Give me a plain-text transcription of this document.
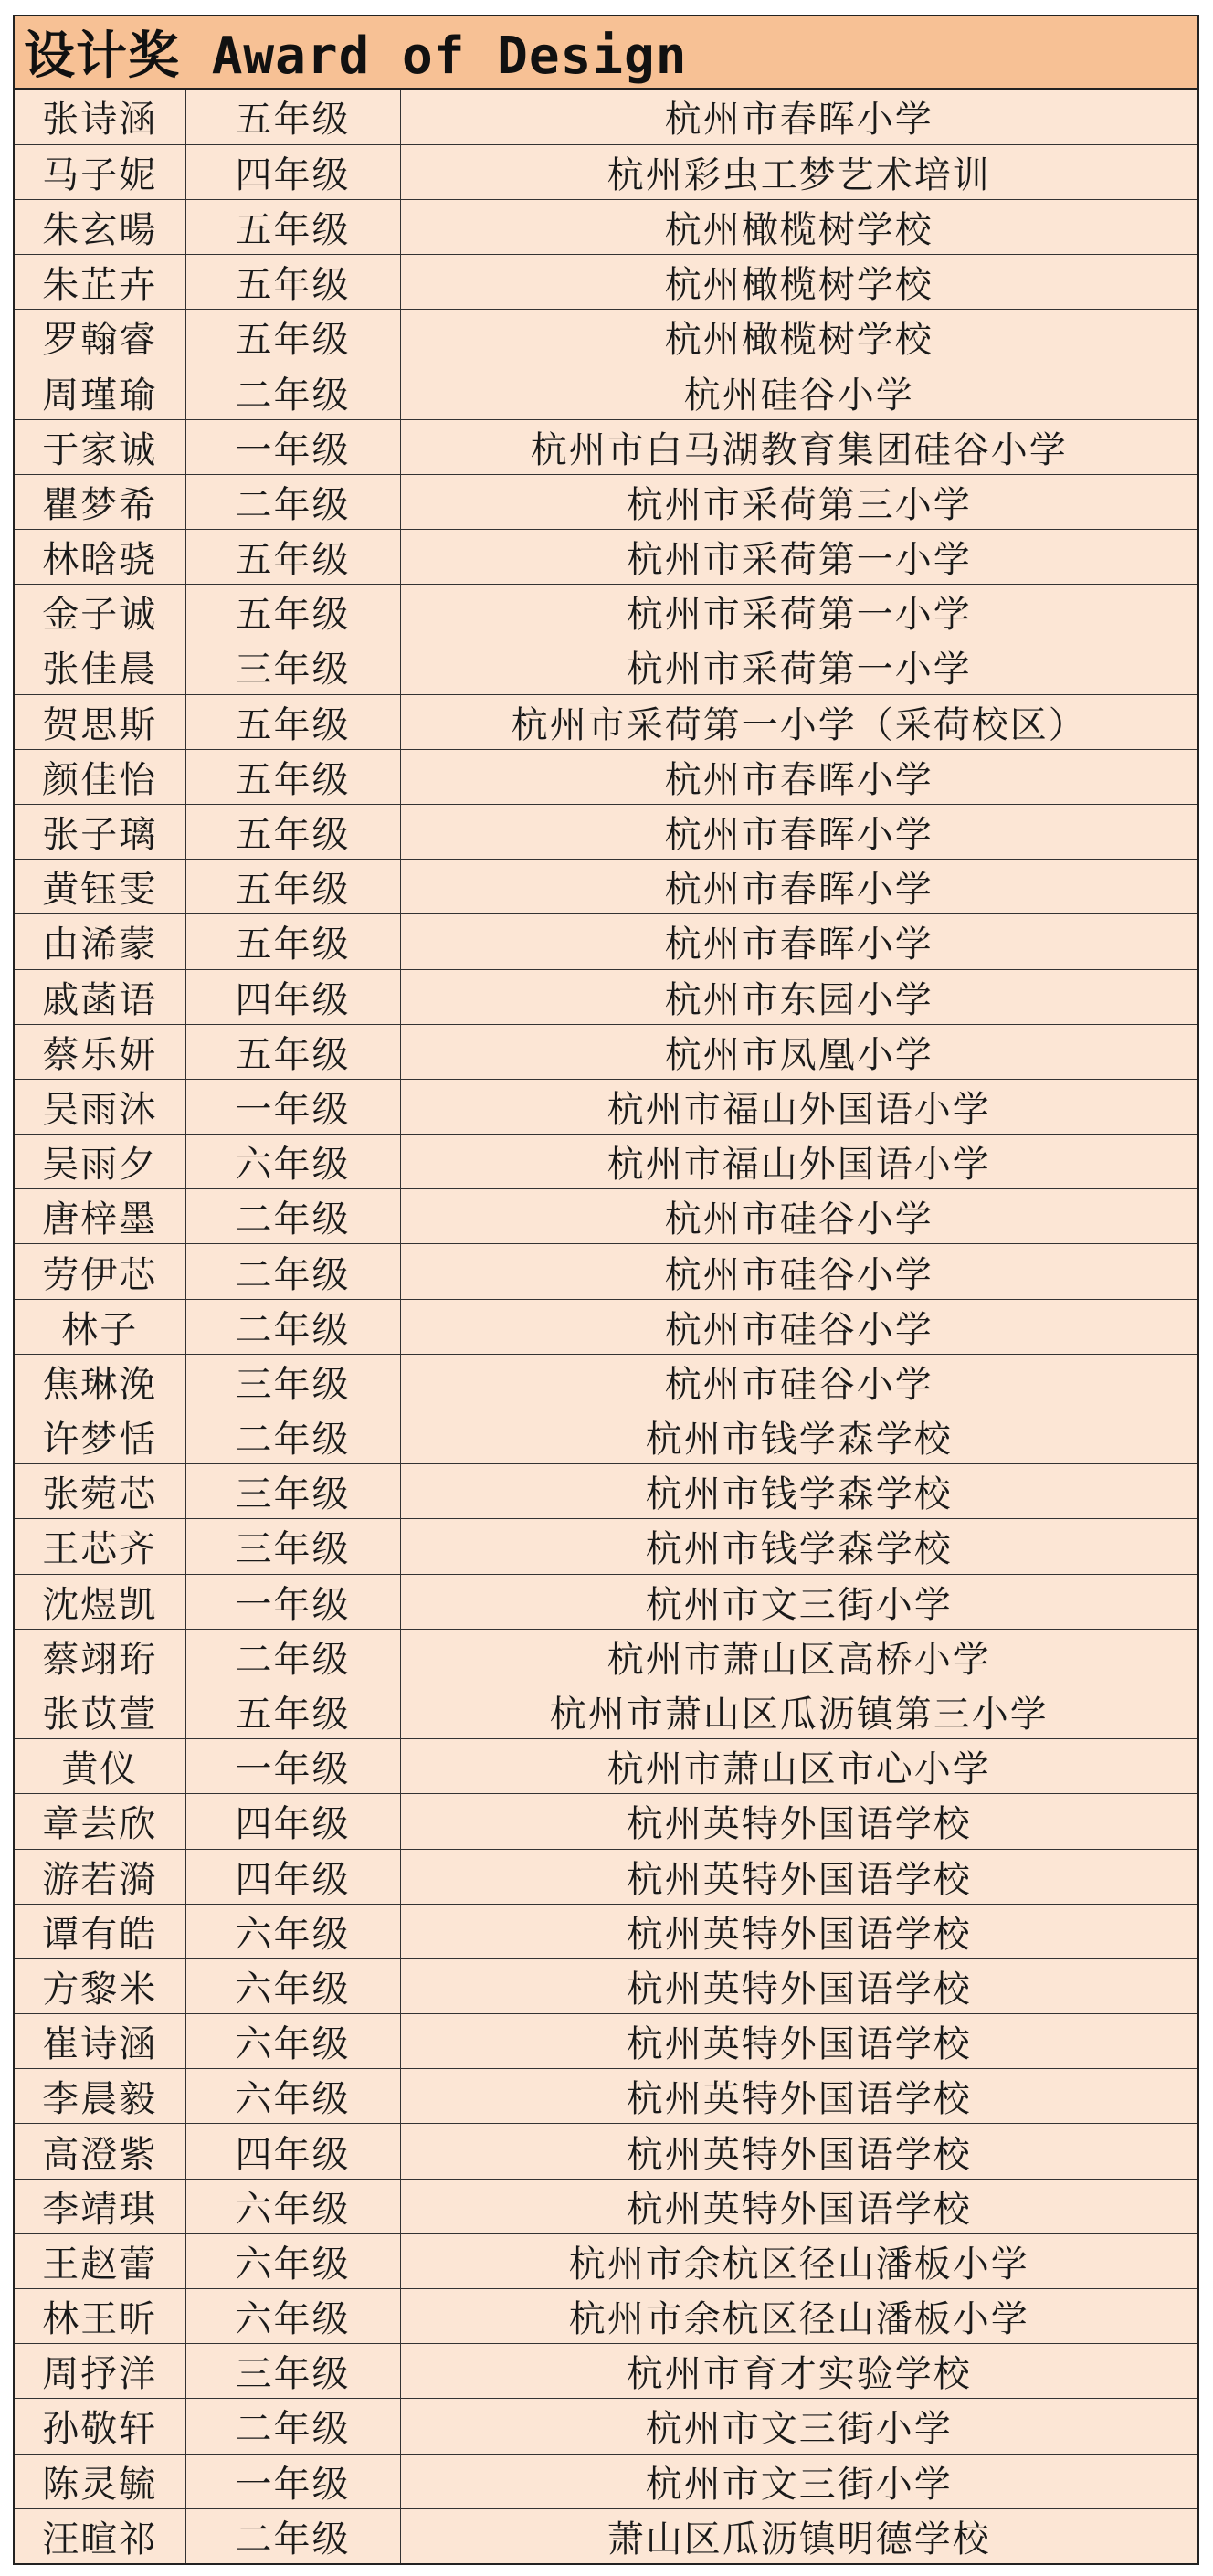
设计奖 Award of Design
张诗涵	五年级	杭州市春晖小学
马子妮	四年级	杭州彩虫工梦艺术培训
朱玄暘	五年级	杭州橄榄树学校
朱芷卉	五年级	杭州橄榄树学校
罗翰睿	五年级	杭州橄榄树学校
周瑾瑜	二年级	杭州硅谷小学
于家诚	一年级	杭州市白马湖教育集团硅谷小学
瞿梦希	二年级	杭州市采荷第三小学
林晗骁	五年级	杭州市采荷第一小学
金子诚	五年级	杭州市采荷第一小学
张佳晨	三年级	杭州市采荷第一小学
贺思斯	五年级	杭州市采荷第一小学（采荷校区）
颜佳怡	五年级	杭州市春晖小学
张子璃	五年级	杭州市春晖小学
黄钰雯	五年级	杭州市春晖小学
由浠蒙	五年级	杭州市春晖小学
戚菡语	四年级	杭州市东园小学
蔡乐妍	五年级	杭州市凤凰小学
吴雨沐	一年级	杭州市福山外国语小学
吴雨夕	六年级	杭州市福山外国语小学
唐梓墨	二年级	杭州市硅谷小学
劳伊芯	二年级	杭州市硅谷小学
林子	二年级	杭州市硅谷小学
焦琳浼	三年级	杭州市硅谷小学
许梦恬	二年级	杭州市钱学森学校
张菀芯	三年级	杭州市钱学森学校
王芯齐	三年级	杭州市钱学森学校
沈煜凯	一年级	杭州市文三街小学
蔡翊珩	二年级	杭州市萧山区高桥小学
张苡萱	五年级	杭州市萧山区瓜沥镇第三小学
黄仪	一年级	杭州市萧山区市心小学
章芸欣	四年级	杭州英特外国语学校
游若漪	四年级	杭州英特外国语学校
谭有皓	六年级	杭州英特外国语学校
方黎米	六年级	杭州英特外国语学校
崔诗涵	六年级	杭州英特外国语学校
李晨毅	六年级	杭州英特外国语学校
高澄紫	四年级	杭州英特外国语学校
李靖琪	六年级	杭州英特外国语学校
王赵蕾	六年级	杭州市余杭区径山潘板小学
林王昕	六年级	杭州市余杭区径山潘板小学
周抒洋	三年级	杭州市育才实验学校
孙敬轩	二年级	杭州市文三街小学
陈灵毓	一年级	杭州市文三街小学
汪暄祁	二年级	萧山区瓜沥镇明德学校
